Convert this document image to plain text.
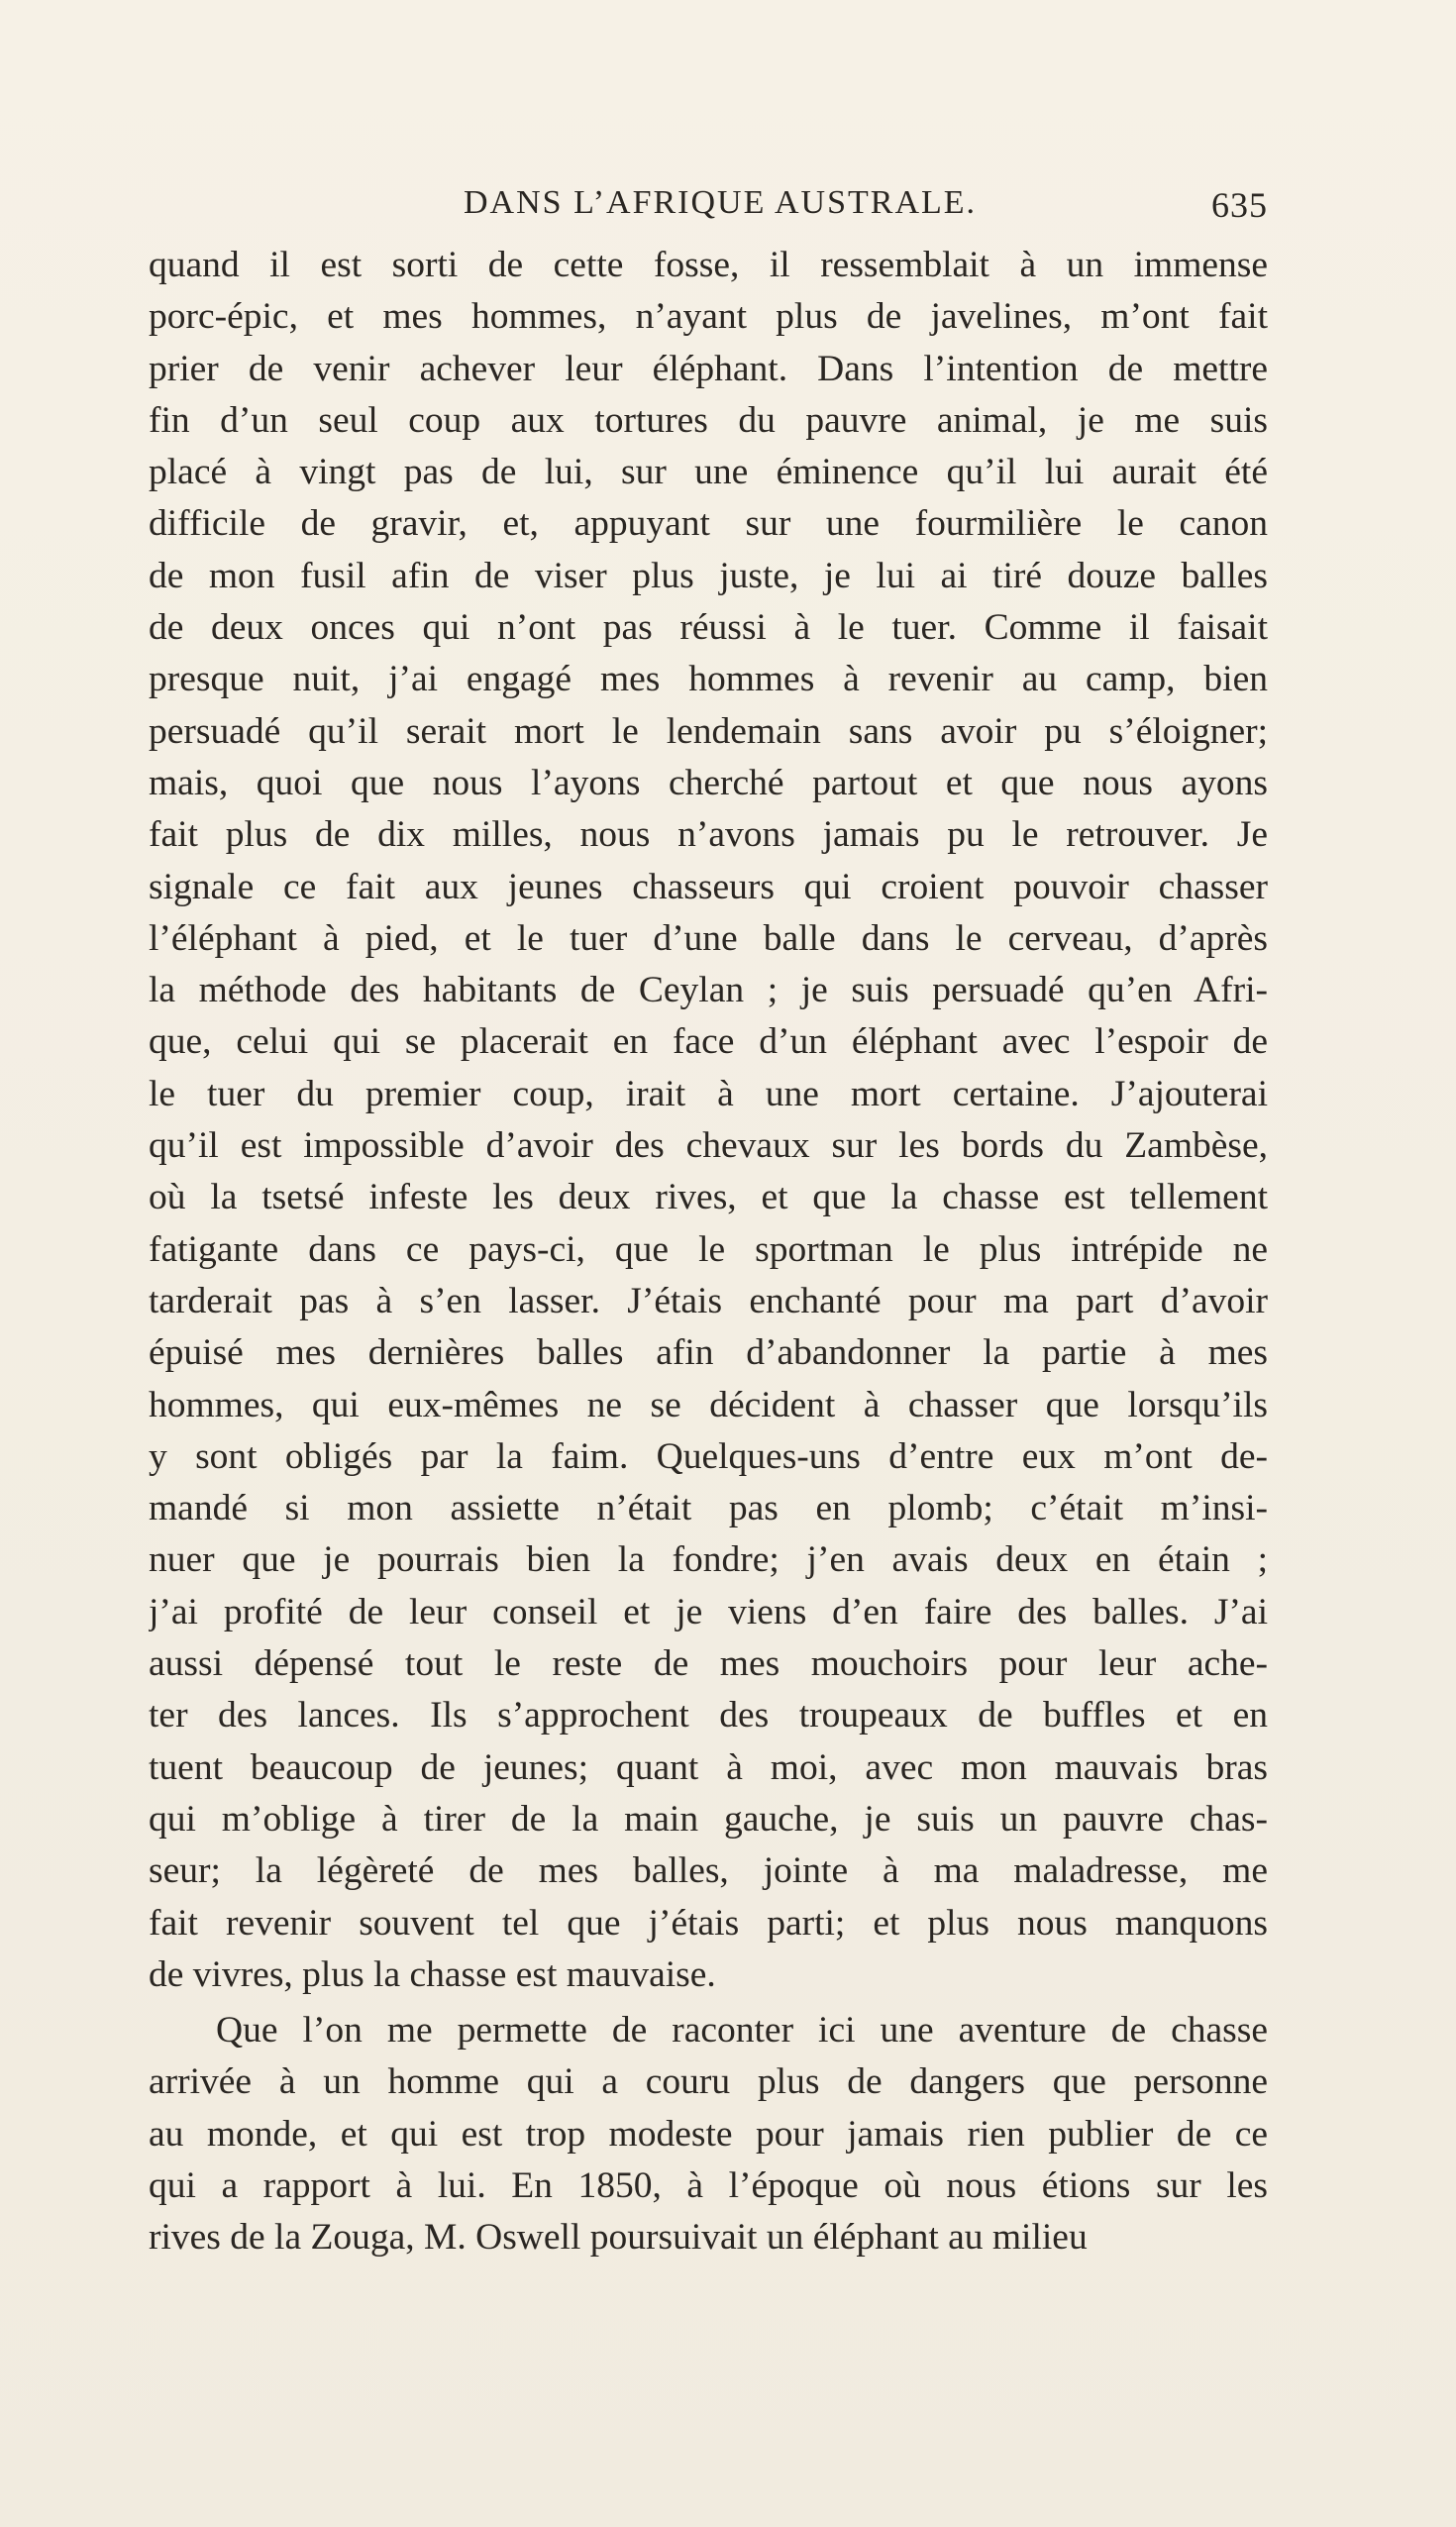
DANS L’AFRIQUE AUSTRALE.	635
quand il est sorti de cette fosse, il ressemblait à un immense
porc-épic, et mes hommes, n’ayant plus de javelines, m’ont fait
prier de venir achever leur éléphant. Dans l’intention de mettre
fin d’un seul coup aux tortures du pauvre animal, je me suis
placé à vingt pas de lui, sur une éminence qu’il lui aurait été
difficile de gravir, et, appuyant sur une fourmilière le canon
de mon fusil afin de viser plus juste, je lui ai tiré douze balles
de deux onces qui n’ont pas réussi à le tuer. Comme il faisait
presque nuit, j’ai engagé mes hommes à revenir au camp, bien
persuadé qu’il serait mort le lendemain sans avoir pu s’éloigner;
mais, quoi que nous l’ayons cherché partout et que nous ayons
fait plus de dix milles, nous n’avons jamais pu le retrouver. Je
signale ce fait aux jeunes chasseurs qui croient pouvoir chasser
l’éléphant à pied, et le tuer d’une balle dans le cerveau, d’après
la méthode des habitants de Ceylan ; je suis persuadé qu’en Afri-
que, celui qui se placerait en face d’un éléphant avec l’espoir de
le tuer du premier coup, irait à une mort certaine. J’ajouterai
qu’il est impossible d’avoir des chevaux sur les bords du Zambèse,
où la tsetsé infeste les deux rives, et que la chasse est tellement
fatigante dans ce pays-ci, que le sportman le plus intrépide ne
tarderait pas à s’en lasser. J’étais enchanté pour ma part d’avoir
épuisé mes dernières balles afin d’abandonner la partie à mes
hommes, qui eux-mêmes ne se décident à chasser que lorsqu’ils
y sont obligés par la faim. Quelques-uns d’entre eux m’ont de-
mandé si mon assiette n’était pas en plomb; c’était m’insi-
nuer que je pourrais bien la fondre; j’en avais deux en étain ;
j’ai profité de leur conseil et je viens d’en faire des balles. J’ai
aussi dépensé tout le reste de mes mouchoirs pour leur ache-
ter des lances. Ils s’approchent des troupeaux de buffles et en
tuent beaucoup de jeunes; quant à moi, avec mon mauvais bras
qui m’oblige à tirer de la main gauche, je suis un pauvre chas-
seur; la légèreté de mes balles, jointe à ma maladresse, me
fait revenir souvent tel que j’étais parti; et plus nous manquons
de vivres, plus la chasse est mauvaise.
Que l’on me permette de raconter ici une aventure de chasse
arrivée à un homme qui a couru plus de dangers que personne
au monde, et qui est trop modeste pour jamais rien publier de ce
qui a rapport à lui. En 1850, à l’époque où nous étions sur les
rives de la Zouga, M. Oswell poursuivait un éléphant au milieu
